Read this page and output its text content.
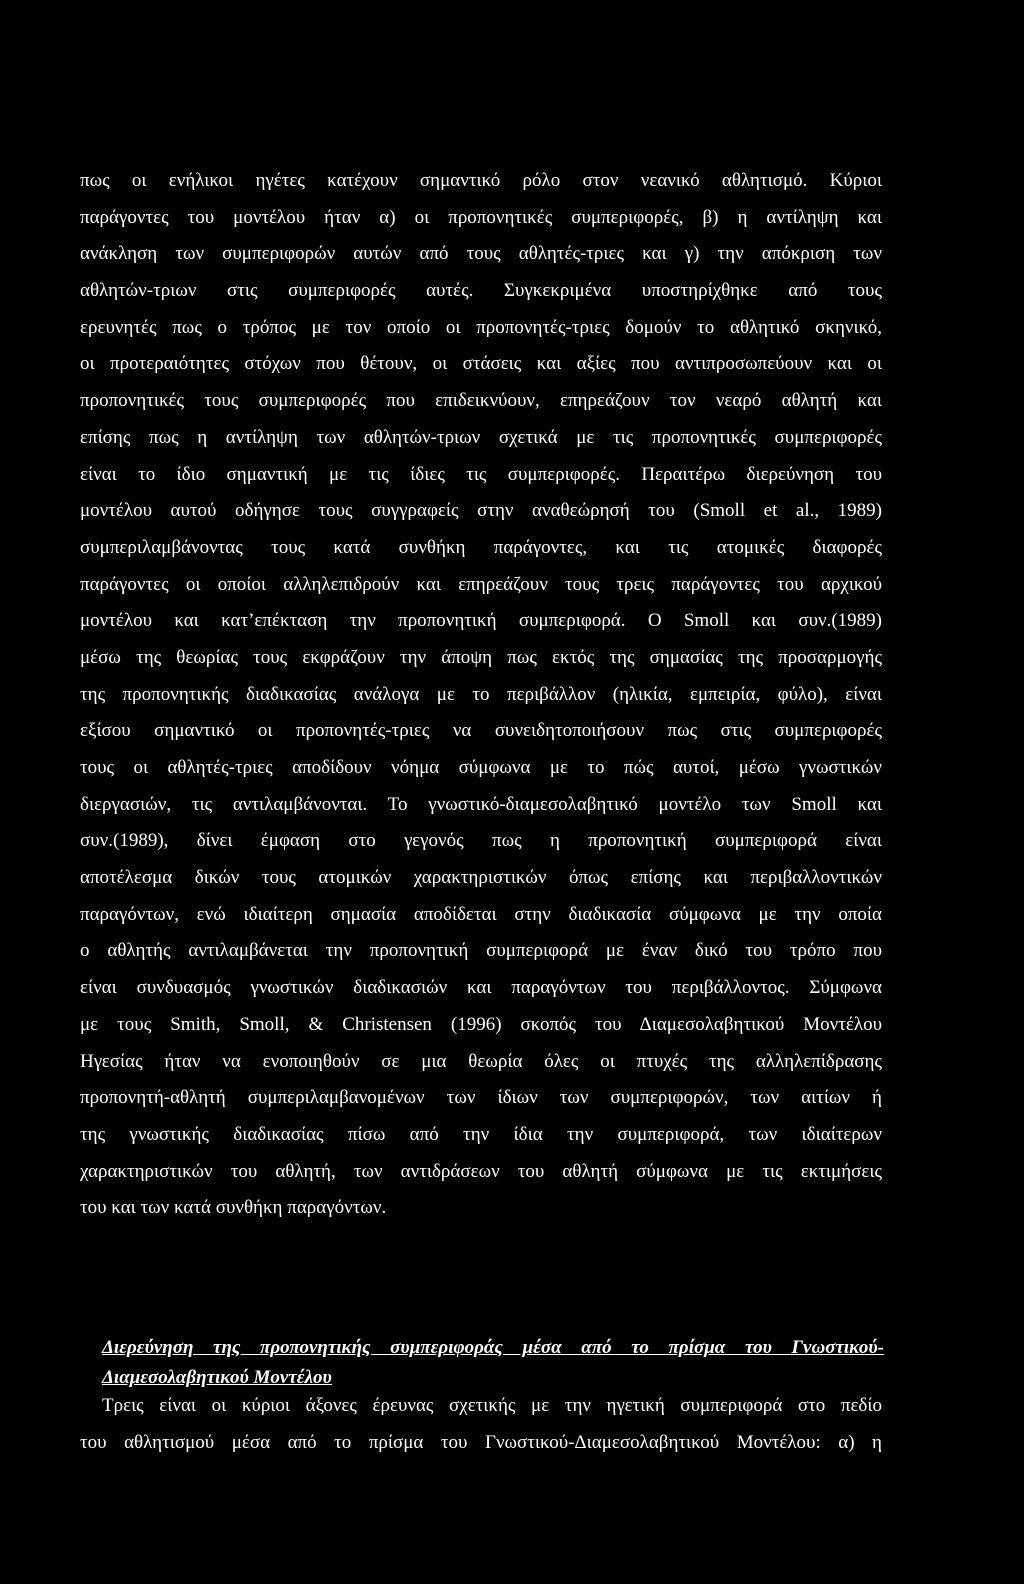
πως οι ενήλικοι ηγέτες κατέχουν σημαντικό ρόλο στον νεανικό αθλητισμό. Κύριοι
παράγοντες του μοντέλου ήταν α) οι προπονητικές συμπεριφορές, β) η αντίληψη και
ανάκληση των συμπεριφορών αυτών από τους αθλητές-τριες και γ) την απόκριση των
αθλητών-τριων στις συμπεριφορές αυτές. Συγκεκριμένα υποστηρίχθηκε από τους
ερευνητές πως ο τρόπος με τον οποίο οι προπονητές-τριες δομούν το αθλητικό σκηνικό,
οι προτεραιότητες στόχων που θέτουν, οι στάσεις και αξίες που αντιπροσωπεύουν και οι
προπονητικές τους συμπεριφορές που επιδεικνύουν, επηρεάζουν τον νεαρό αθλητή και
επίσης πως η αντίληψη των αθλητών-τριων σχετικά με τις προπονητικές συμπεριφορές
είναι το ίδιο σημαντική με τις ίδιες τις συμπεριφορές. Περαιτέρω διερεύνηση του
μοντέλου αυτού οδήγησε τους συγγραφείς στην αναθεώρησή του (Smoll et al., 1989)
συμπεριλαμβάνοντας τους κατά συνθήκη παράγοντες, και τις ατομικές διαφορές
παράγοντες οι οποίοι αλληλεπιδρούν και επηρεάζουν τους τρεις παράγοντες του αρχικού
μοντέλου και κατ’επέκταση την προπονητική συμπεριφορά. Ο Smoll και συν.(1989)
μέσω της θεωρίας τους εκφράζουν την άποψη πως εκτός της σημασίας της προσαρμογής
της προπονητικής διαδικασίας ανάλογα με το περιβάλλον (ηλικία, εμπειρία, φύλο), είναι
εξίσου σημαντικό οι προπονητές-τριες να συνειδητοποιήσουν πως στις συμπεριφορές
τους οι αθλητές-τριες αποδίδουν νόημα σύμφωνα με το πώς αυτοί, μέσω γνωστικών
διεργασιών, τις αντιλαμβάνονται. Το γνωστικό-διαμεσολαβητικό μοντέλο των Smoll και
συν.(1989), δίνει έμφαση στο γεγονός πως η προπονητική συμπεριφορά είναι
αποτέλεσμα δικών τους ατομικών χαρακτηριστικών όπως επίσης και περιβαλλοντικών
παραγόντων, ενώ ιδιαίτερη σημασία αποδίδεται στην διαδικασία σύμφωνα με την οποία
ο αθλητής αντιλαμβάνεται την προπονητική συμπεριφορά με έναν δικό του τρόπο που
είναι συνδυασμός γνωστικών διαδικασιών και παραγόντων του περιβάλλοντος. Σύμφωνα
με τους Smith, Smoll, & Christensen (1996) σκοπός του Διαμεσολαβητικού Μοντέλου
Ηγεσίας ήταν να ενοποιηθούν σε μια θεωρία όλες οι πτυχές της αλληλεπίδρασης
προπονητή-αθλητή συμπεριλαμβανομένων των ίδιων των συμπεριφορών, των αιτίων ή
της γνωστικής διαδικασίας πίσω από την ίδια την συμπεριφορά, των ιδιαίτερων
χαρακτηριστικών του αθλητή, των αντιδράσεων του αθλητή σύμφωνα με τις εκτιμήσεις
του και των κατά συνθήκη παραγόντων.
Διερεύνηση της προπονητικής συμπεριφοράς μέσα από το πρίσμα του Γνωστικού-
Διαμεσολαβητικού Μοντέλου
Τρεις είναι οι κύριοι άξονες έρευνας σχετικής με την ηγετική συμπεριφορά στο πεδίο
του αθλητισμού μέσα από το πρίσμα του Γνωστικού-Διαμεσολαβητικού Μοντέλου: α) η
